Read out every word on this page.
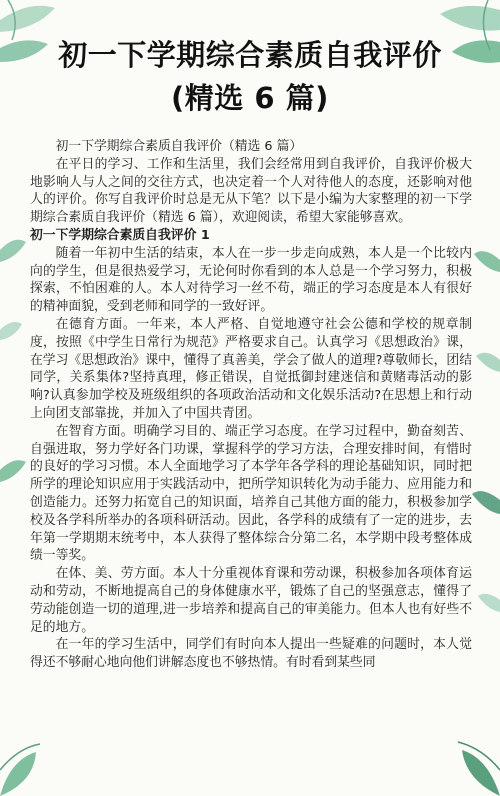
初一下学期综合素质自我评价
(精选 6 篇)

初一下学期综合素质自我评价（精选 6 篇）

在平日的学习、工作和生活里，我们会经常用到自我评价，自我评价极大地影响人与人之间的交往方式，也决定着一个人对待他人的态度，还影响对他人的评价。你写自我评价时总是无从下笔？以下是小编为大家整理的初一下学期综合素质自我评价（精选 6 篇），欢迎阅读，希望大家能够喜欢。

初一下学期综合素质自我评价 1

随着一年初中生活的结束，本人在一步一步走向成熟，本人是一个比较内向的学生，但是很热爱学习，无论何时你看到的本人总是一个学习努力，积极探索，不怕困难的人。本人对待学习一丝不苟，端正的学习态度是本人有很好的精神面貌，受到老师和同学的一致好评。

在德育方面。一年来，本人严格、自觉地遵守社会公德和学校的规章制度，按照《中学生日常行为规范》严格要求自己。认真学习《思想政治》课，在学习《思想政治》课中，懂得了真善美，学会了做人的道理?尊敬师长，团结同学，关系集体?坚持真理，修正错误，自觉抵御封建迷信和黄赌毒活动的影响?认真参加学校及班级组织的各项政治活动和文化娱乐活动?在思想上和行动上向团支部靠拢，并加入了中国共青团。

在智育方面。明确学习目的、端正学习态度。在学习过程中，勤奋刻苦、自强进取，努力学好各门功课，掌握科学的学习方法，合理安排时间，有惜时的良好的学习习惯。本人全面地学习了本学年各学科的理论基础知识，同时把所学的理论知识应用于实践活动中，把所学知识转化为动手能力、应用能力和创造能力。还努力拓宽自己的知识面，培养自己其他方面的能力，积极参加学校及各学科所举办的各项科研活动。因此，各学科的成绩有了一定的进步，去年第一学期期末统考中，本人获得了整体综合分第二名，本学期中段考整体成绩一等奖。

在体、美、劳方面。本人十分重视体育课和劳动课，积极参加各项体育运动和劳动，不断地提高自己的身体健康水平，锻炼了自己的坚强意志，懂得了劳动能创造一切的道理,进一步培养和提高自己的审美能力。但本人也有好些不足的地方。

在一年的学习生活中，同学们有时向本人提出一些疑难的问题时，本人觉得还不够耐心地向他们讲解态度也不够热情。有时看到某些同
